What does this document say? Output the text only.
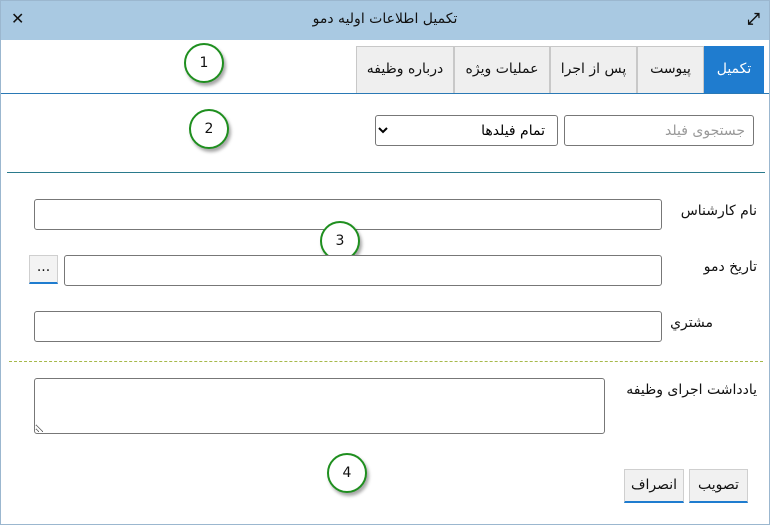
✕	تکمیل اطلاعات اولیه دمو	⤢
تکمیل
پیوست
پس از اجرا
عملیات ویژه
درباره وظیفه
1
جستجوی فیلد
تمام فیلدها
2
نام کارشناس
3
تاریخ دمو
...
مشتري
یادداشت اجرای وظیفه
4
تصویب
انصراف
